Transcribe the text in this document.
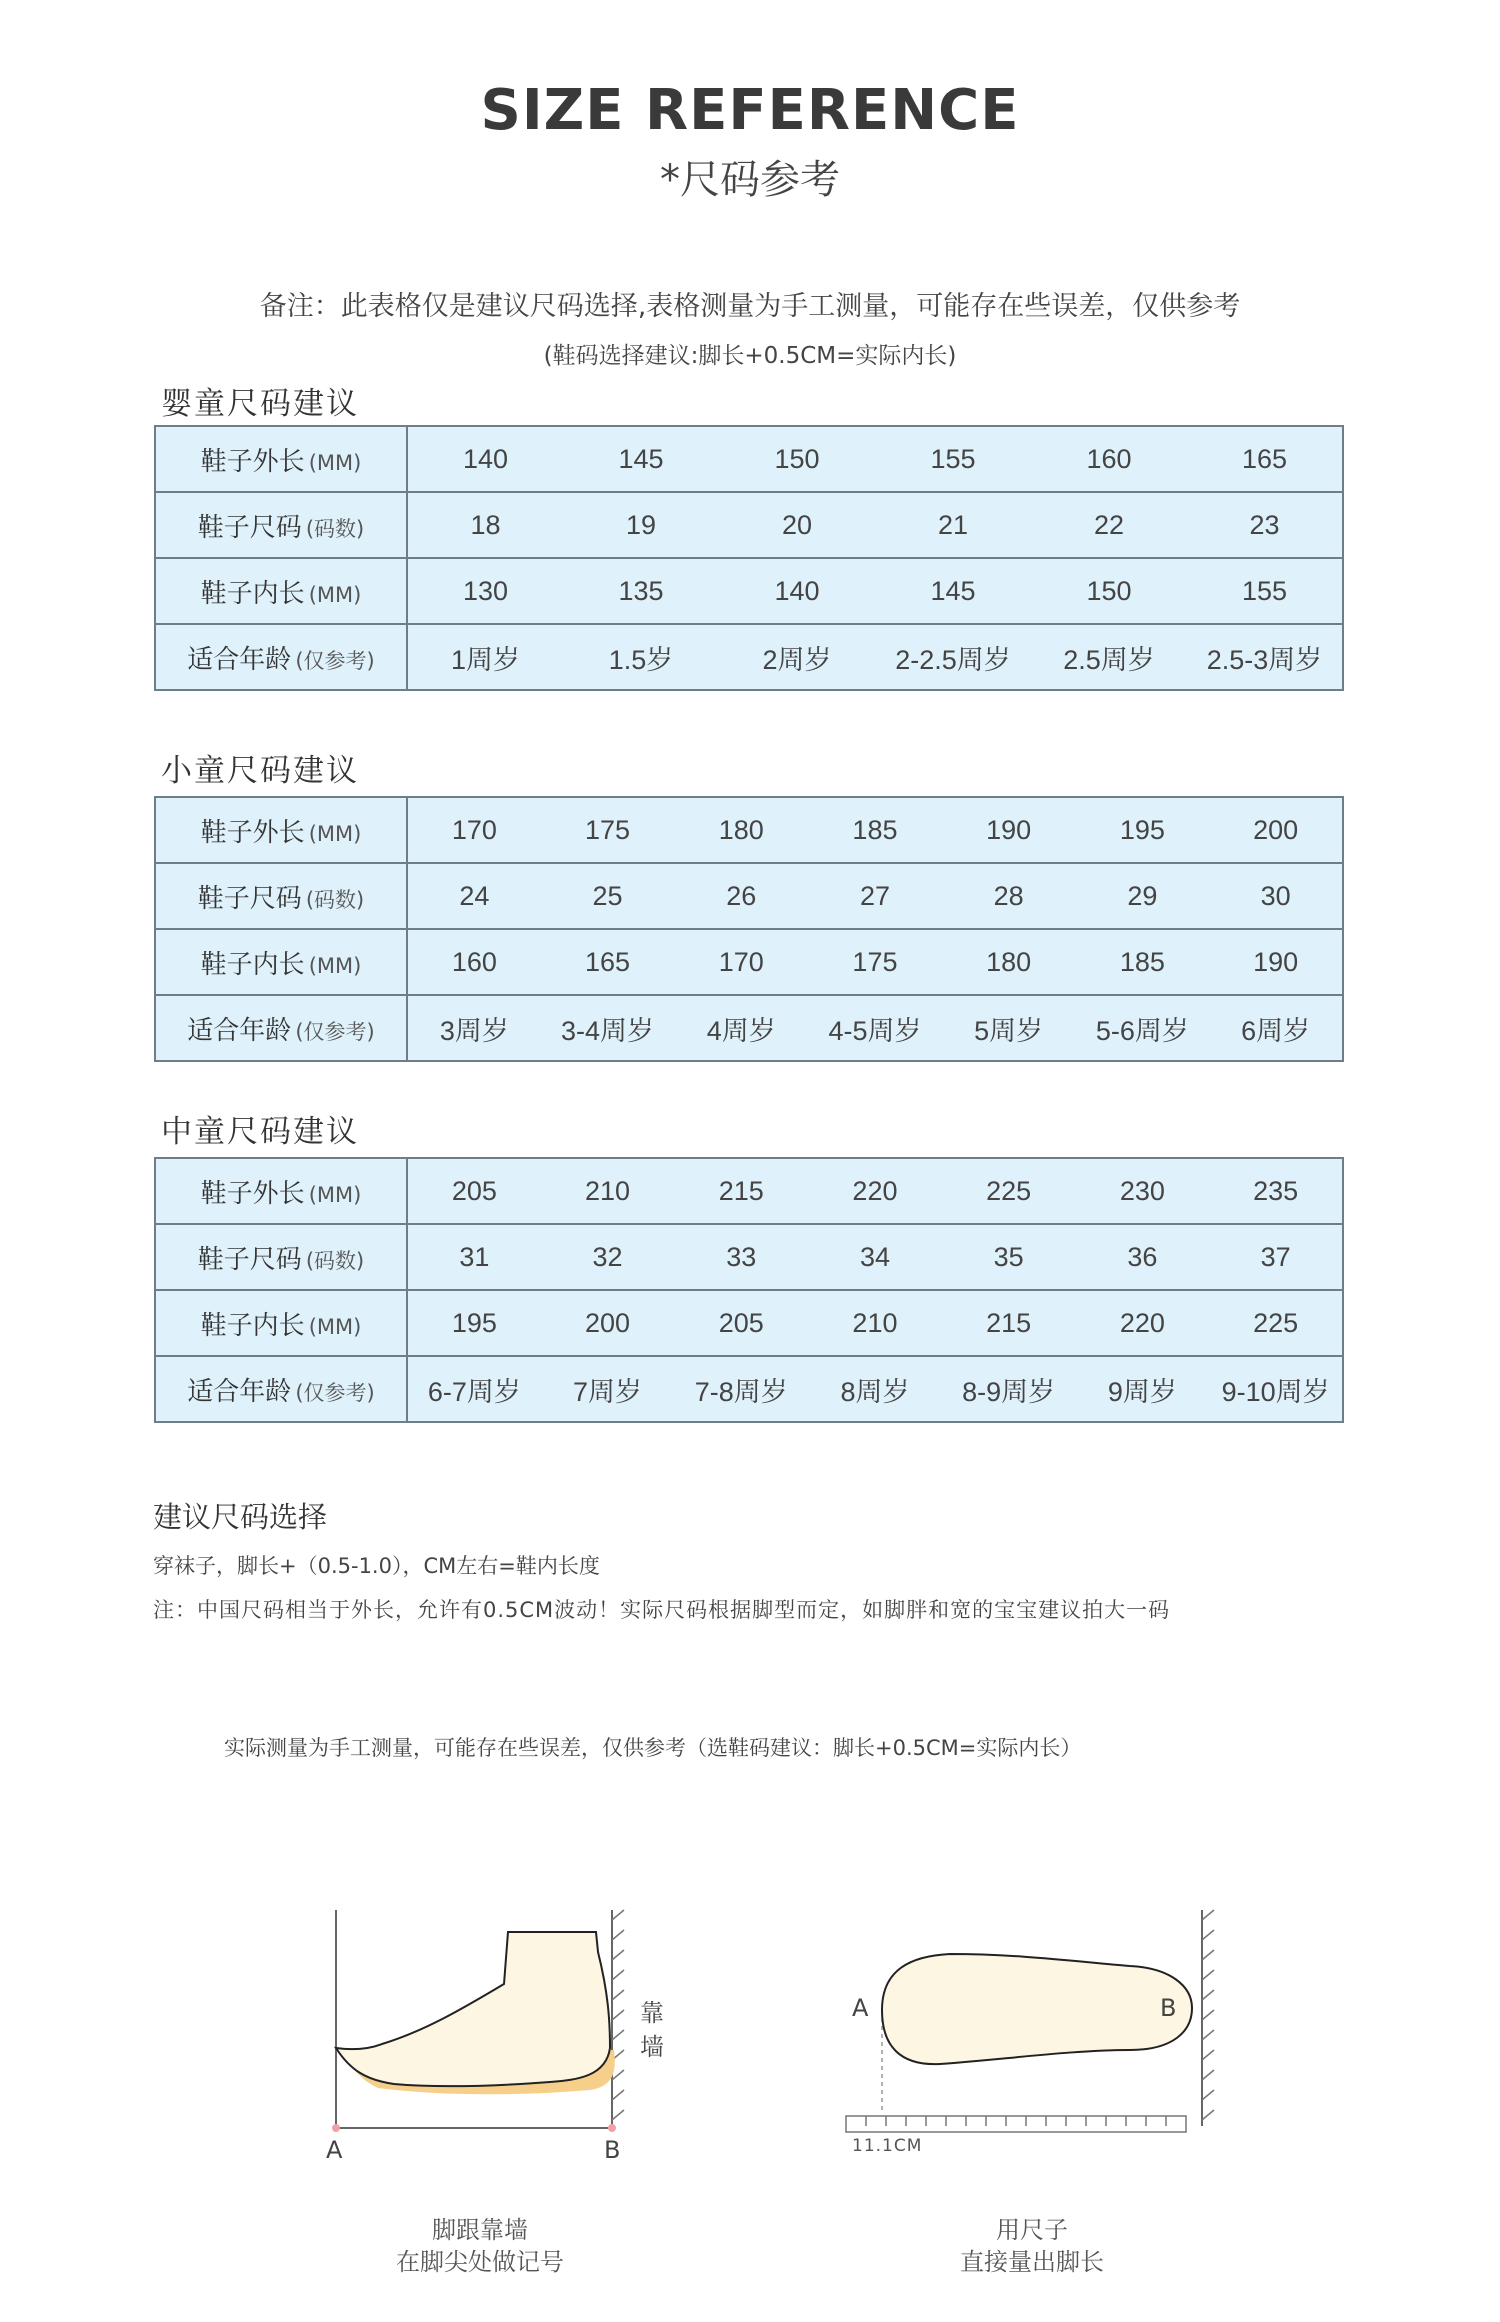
SIZE REFERENCE
*尺码参考
备注：此表格仅是建议尺码选择,表格测量为手工测量，可能存在些误差，仅供参考
(鞋码选择建议:脚长+0.5CM=实际内长)
婴童尺码建议
鞋子外长 (MM)	140	145	150	155	160	165
鞋子尺码 (码数)	18	19	20	21	22	23
鞋子内长 (MM)	130	135	140	145	150	155
适合年龄 (仅参考)	1周岁	1.5岁	2周岁	2-2.5周岁	2.5周岁	2.5-3周岁
小童尺码建议
鞋子外长 (MM)	170	175	180	185	190	195	200
鞋子尺码 (码数)	24	25	26	27	28	29	30
鞋子内长 (MM)	160	165	170	175	180	185	190
适合年龄 (仅参考)	3周岁	3-4周岁	4周岁	4-5周岁	5周岁	5-6周岁	6周岁
中童尺码建议
鞋子外长 (MM)	205	210	215	220	225	230	235
鞋子尺码 (码数)	31	32	33	34	35	36	37
鞋子内长 (MM)	195	200	205	210	215	220	225
适合年龄 (仅参考)	6-7周岁	7周岁	7-8周岁	8周岁	8-9周岁	9周岁	9-10周岁
建议尺码选择
穿袜子，脚长+（0.5-1.0），CM左右=鞋内长度
注：中国尺码相当于外长，允许有0.5CM波动！实际尺码根据脚型而定，如脚胖和宽的宝宝建议拍大一码
实际测量为手工测量，可能存在些误差，仅供参考（选鞋码建议：脚长+0.5CM=实际内长）
A	B
靠墙
脚跟靠墙
在脚尖处做记号
A	B
11.1CM
用尺子
直接量出脚长
